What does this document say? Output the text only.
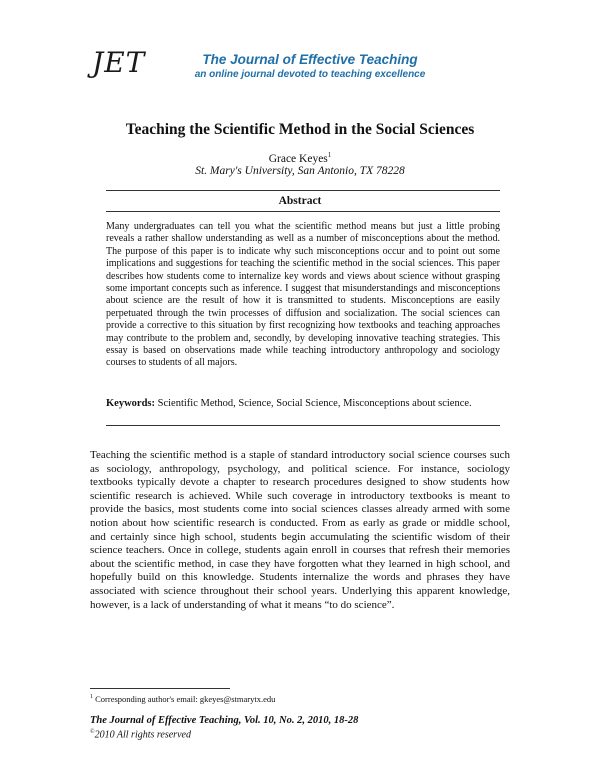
JET	The Journal of Effective Teaching
an online journal devoted to teaching excellence
Teaching the Scientific Method in the Social Sciences
Grace Keyes$^1$
St. Mary's University, San Antonio, TX 78228
Abstract

Many undergraduates can tell you what the scientific method means but just a little probing reveals a rather shallow understanding as well as a number of misconceptions about the method. The purpose of this paper is to indicate why such misconceptions occur and to point out some implications and suggestions for teaching the scientific method in the social sciences. This paper describes how students come to internalize key words and views about science without grasping some important concepts such as inference. I suggest that misunderstandings and misconceptions about science are the result of how it is transmitted to students. Misconceptions are easily perpetuated through the twin processes of diffusion and socialization. The social sciences can provide a corrective to this situation by first recognizing how textbooks and teaching approaches may contribute to the problem and, secondly, by developing innovative teaching strategies. This essay is based on observations made while teaching introductory anthropology and sociology courses to students of all majors.

Keywords: Scientific Method, Science, Social Science, Misconceptions about science.

Teaching the scientific method is a staple of standard introductory social science courses such as sociology, anthropology, psychology, and political science. For instance, sociology textbooks typically devote a chapter to research procedures designed to show students how scientific research is achieved. While such coverage in introductory textbooks is meant to provide the basics, most students come into social sciences classes already armed with some notion about how scientific research is conducted. From as early as grade or middle school, and certainly since high school, students begin accumulating the scientific wisdom of their science teachers. Once in college, students again enroll in courses that refresh their memories about the scientific method, in case they have forgotten what they learned in high school, and hopefully build on this knowledge. Students internalize the words and phrases they have associated with science throughout their school years. Underlying this apparent knowledge, however, is a lack of understanding of what it means “to do science”.

$^1$ Corresponding author's email: gkeyes@stmarytx.edu
The Journal of Effective Teaching, Vol. 10, No. 2, 2010, 18-28
©2010 All rights reserved
